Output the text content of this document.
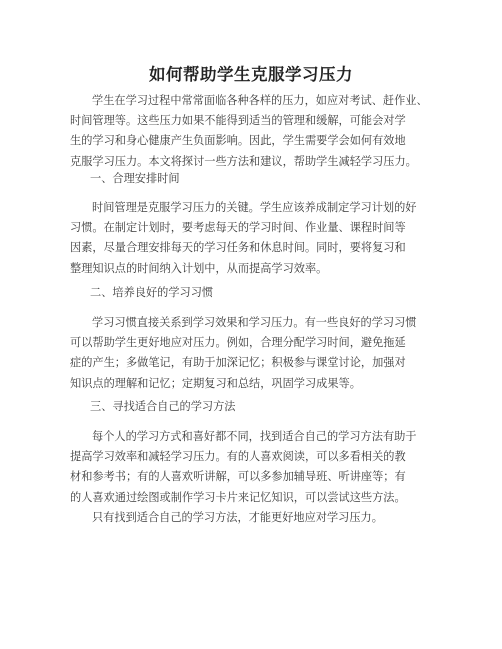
如何帮助学生克服学习压力
学生在学习过程中常常面临各种各样的压力，如应对考试、赶作业、
时间管理等。这些压力如果不能得到适当的管理和缓解，可能会对学
生的学习和身心健康产生负面影响。因此，学生需要学会如何有效地
克服学习压力。本文将探讨一些方法和建议，帮助学生减轻学习压力。

一、合理安排时间

时间管理是克服学习压力的关键。学生应该养成制定学习计划的好
习惯。在制定计划时，要考虑每天的学习时间、作业量、课程时间等
因素，尽量合理安排每天的学习任务和休息时间。同时，要将复习和
整理知识点的时间纳入计划中，从而提高学习效率。

二、培养良好的学习习惯

学习习惯直接关系到学习效果和学习压力。有一些良好的学习习惯
可以帮助学生更好地应对压力。例如，合理分配学习时间，避免拖延
症的产生；多做笔记，有助于加深记忆；积极参与课堂讨论，加强对
知识点的理解和记忆；定期复习和总结，巩固学习成果等。

三、寻找适合自己的学习方法

每个人的学习方式和喜好都不同，找到适合自己的学习方法有助于
提高学习效率和减轻学习压力。有的人喜欢阅读，可以多看相关的教
材和参考书；有的人喜欢听讲解，可以多参加辅导班、听讲座等；有
的人喜欢通过绘图或制作学习卡片来记忆知识，可以尝试这些方法。
只有找到适合自己的学习方法，才能更好地应对学习压力。
